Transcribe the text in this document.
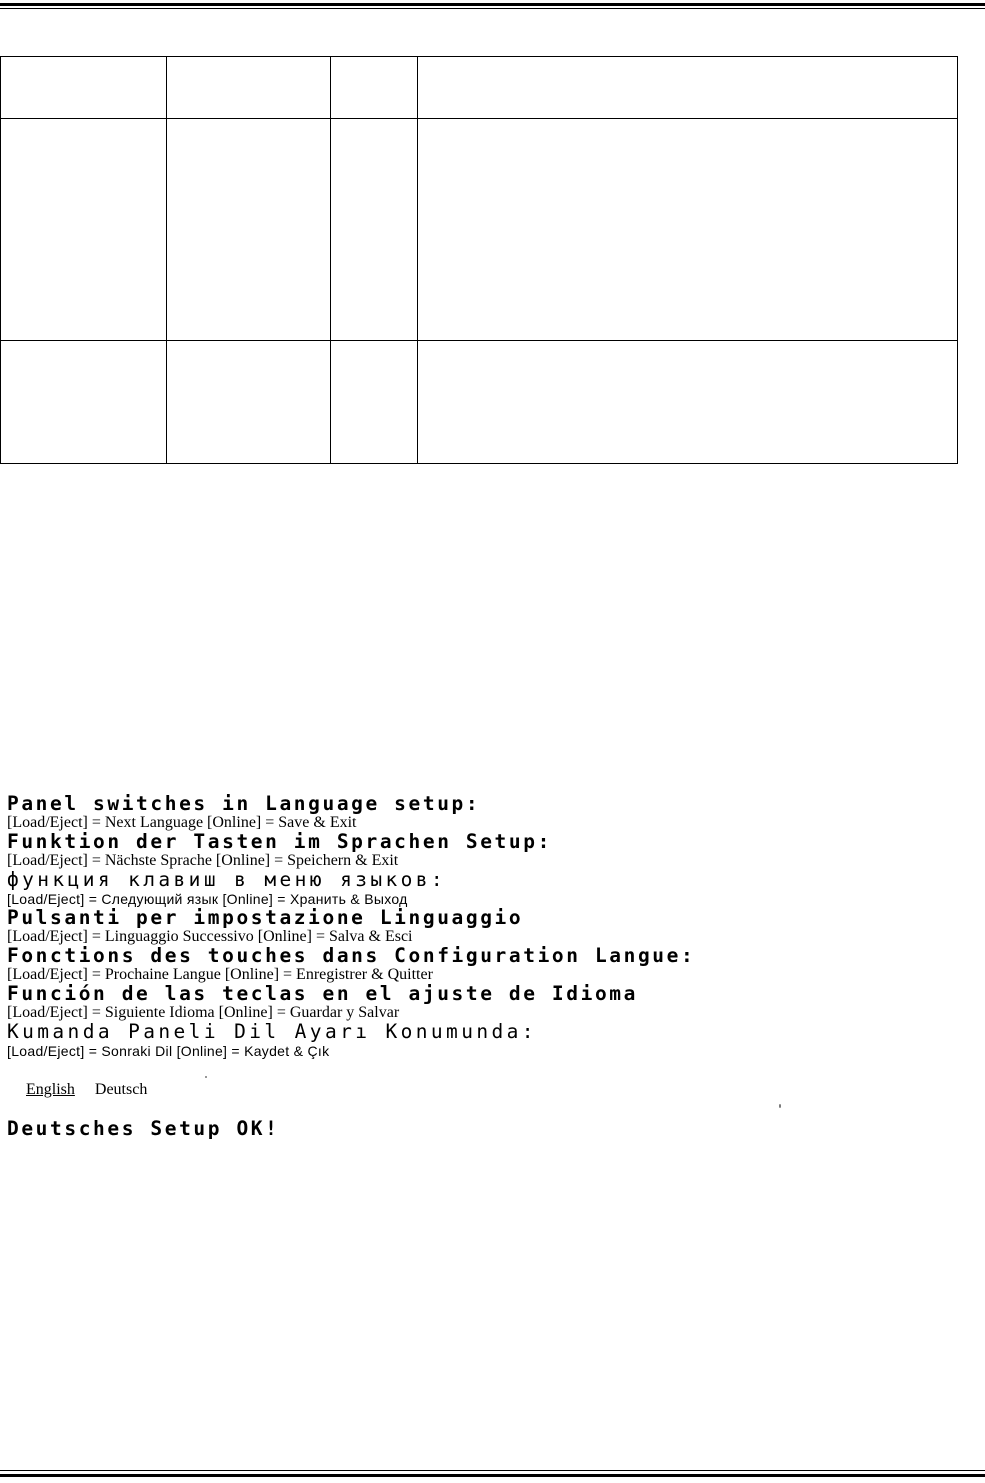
Panel switches in Language setup:
[Load/Eject] = Next Language [Online] = Save & Exit
Funktion der Tasten im Sprachen Setup:
[Load/Eject] = Nächste Sprache [Online] = Speichern & Exit
функция клавиш в меню языков:
[Load/Eject] = Следующий язык [Online] = Хранить & Выход
Pulsanti per impostazione Linguaggio
[Load/Eject] = Linguaggio Successivo [Online] = Salva & Esci
Fonctions des touches dans Configuration Langue:
[Load/Eject] = Prochaine Langue [Online] = Enregistrer & Quitter
Función de las teclas en el ajuste de Idioma
[Load/Eject] = Siguiente Idioma [Online] = Guardar y Salvar
Kumanda Paneli Dil Ayarı Konumunda:
[Load/Eject] = Sonraki Dil [Online] = Kaydet & Çık
English Deutsch
Deutsches Setup OK!
